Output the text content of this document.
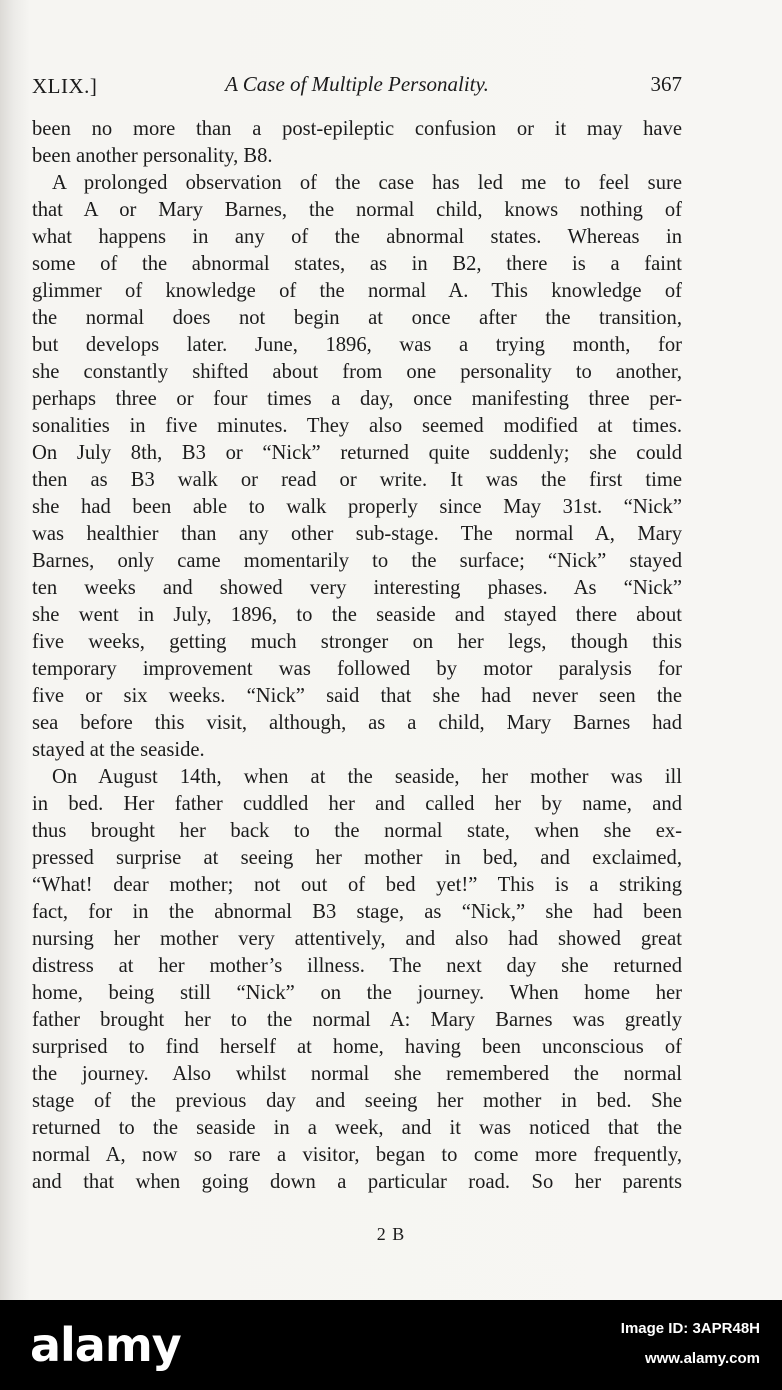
XLIX.]	A Case of Multiple Personality.	367
been no more than a post-epileptic confusion or it may have
been another personality, B8.
A prolonged observation of the case has led me to feel sure
that A or Mary Barnes, the normal child, knows nothing of
what happens in any of the abnormal states. Whereas in
some of the abnormal states, as in B2, there is a faint
glimmer of knowledge of the normal A. This knowledge of
the normal does not begin at once after the transition,
but develops later. June, 1896, was a trying month, for
she constantly shifted about from one personality to another,
perhaps three or four times a day, once manifesting three per-
sonalities in five minutes. They also seemed modified at times.
On July 8th, B3 or “Nick” returned quite suddenly; she could
then as B3 walk or read or write. It was the first time
she had been able to walk properly since May 31st. “Nick”
was healthier than any other sub-stage. The normal A, Mary
Barnes, only came momentarily to the surface; “Nick” stayed
ten weeks and showed very interesting phases. As “Nick”
she went in July, 1896, to the seaside and stayed there about
five weeks, getting much stronger on her legs, though this
temporary improvement was followed by motor paralysis for
five or six weeks. “Nick” said that she had never seen the
sea before this visit, although, as a child, Mary Barnes had
stayed at the seaside.
On August 14th, when at the seaside, her mother was ill
in bed. Her father cuddled her and called her by name, and
thus brought her back to the normal state, when she ex-
pressed surprise at seeing her mother in bed, and exclaimed,
“What! dear mother; not out of bed yet!” This is a striking
fact, for in the abnormal B3 stage, as “Nick,” she had been
nursing her mother very attentively, and also had showed great
distress at her mother’s illness. The next day she returned
home, being still “Nick” on the journey. When home her
father brought her to the normal A: Mary Barnes was greatly
surprised to find herself at home, having been unconscious of
the journey. Also whilst normal she remembered the normal
stage of the previous day and seeing her mother in bed. She
returned to the seaside in a week, and it was noticed that the
normal A, now so rare a visitor, began to come more frequently,
and that when going down a particular road. So her parents
2 B
alamy	Image ID: 3APR48H
www.alamy.com
